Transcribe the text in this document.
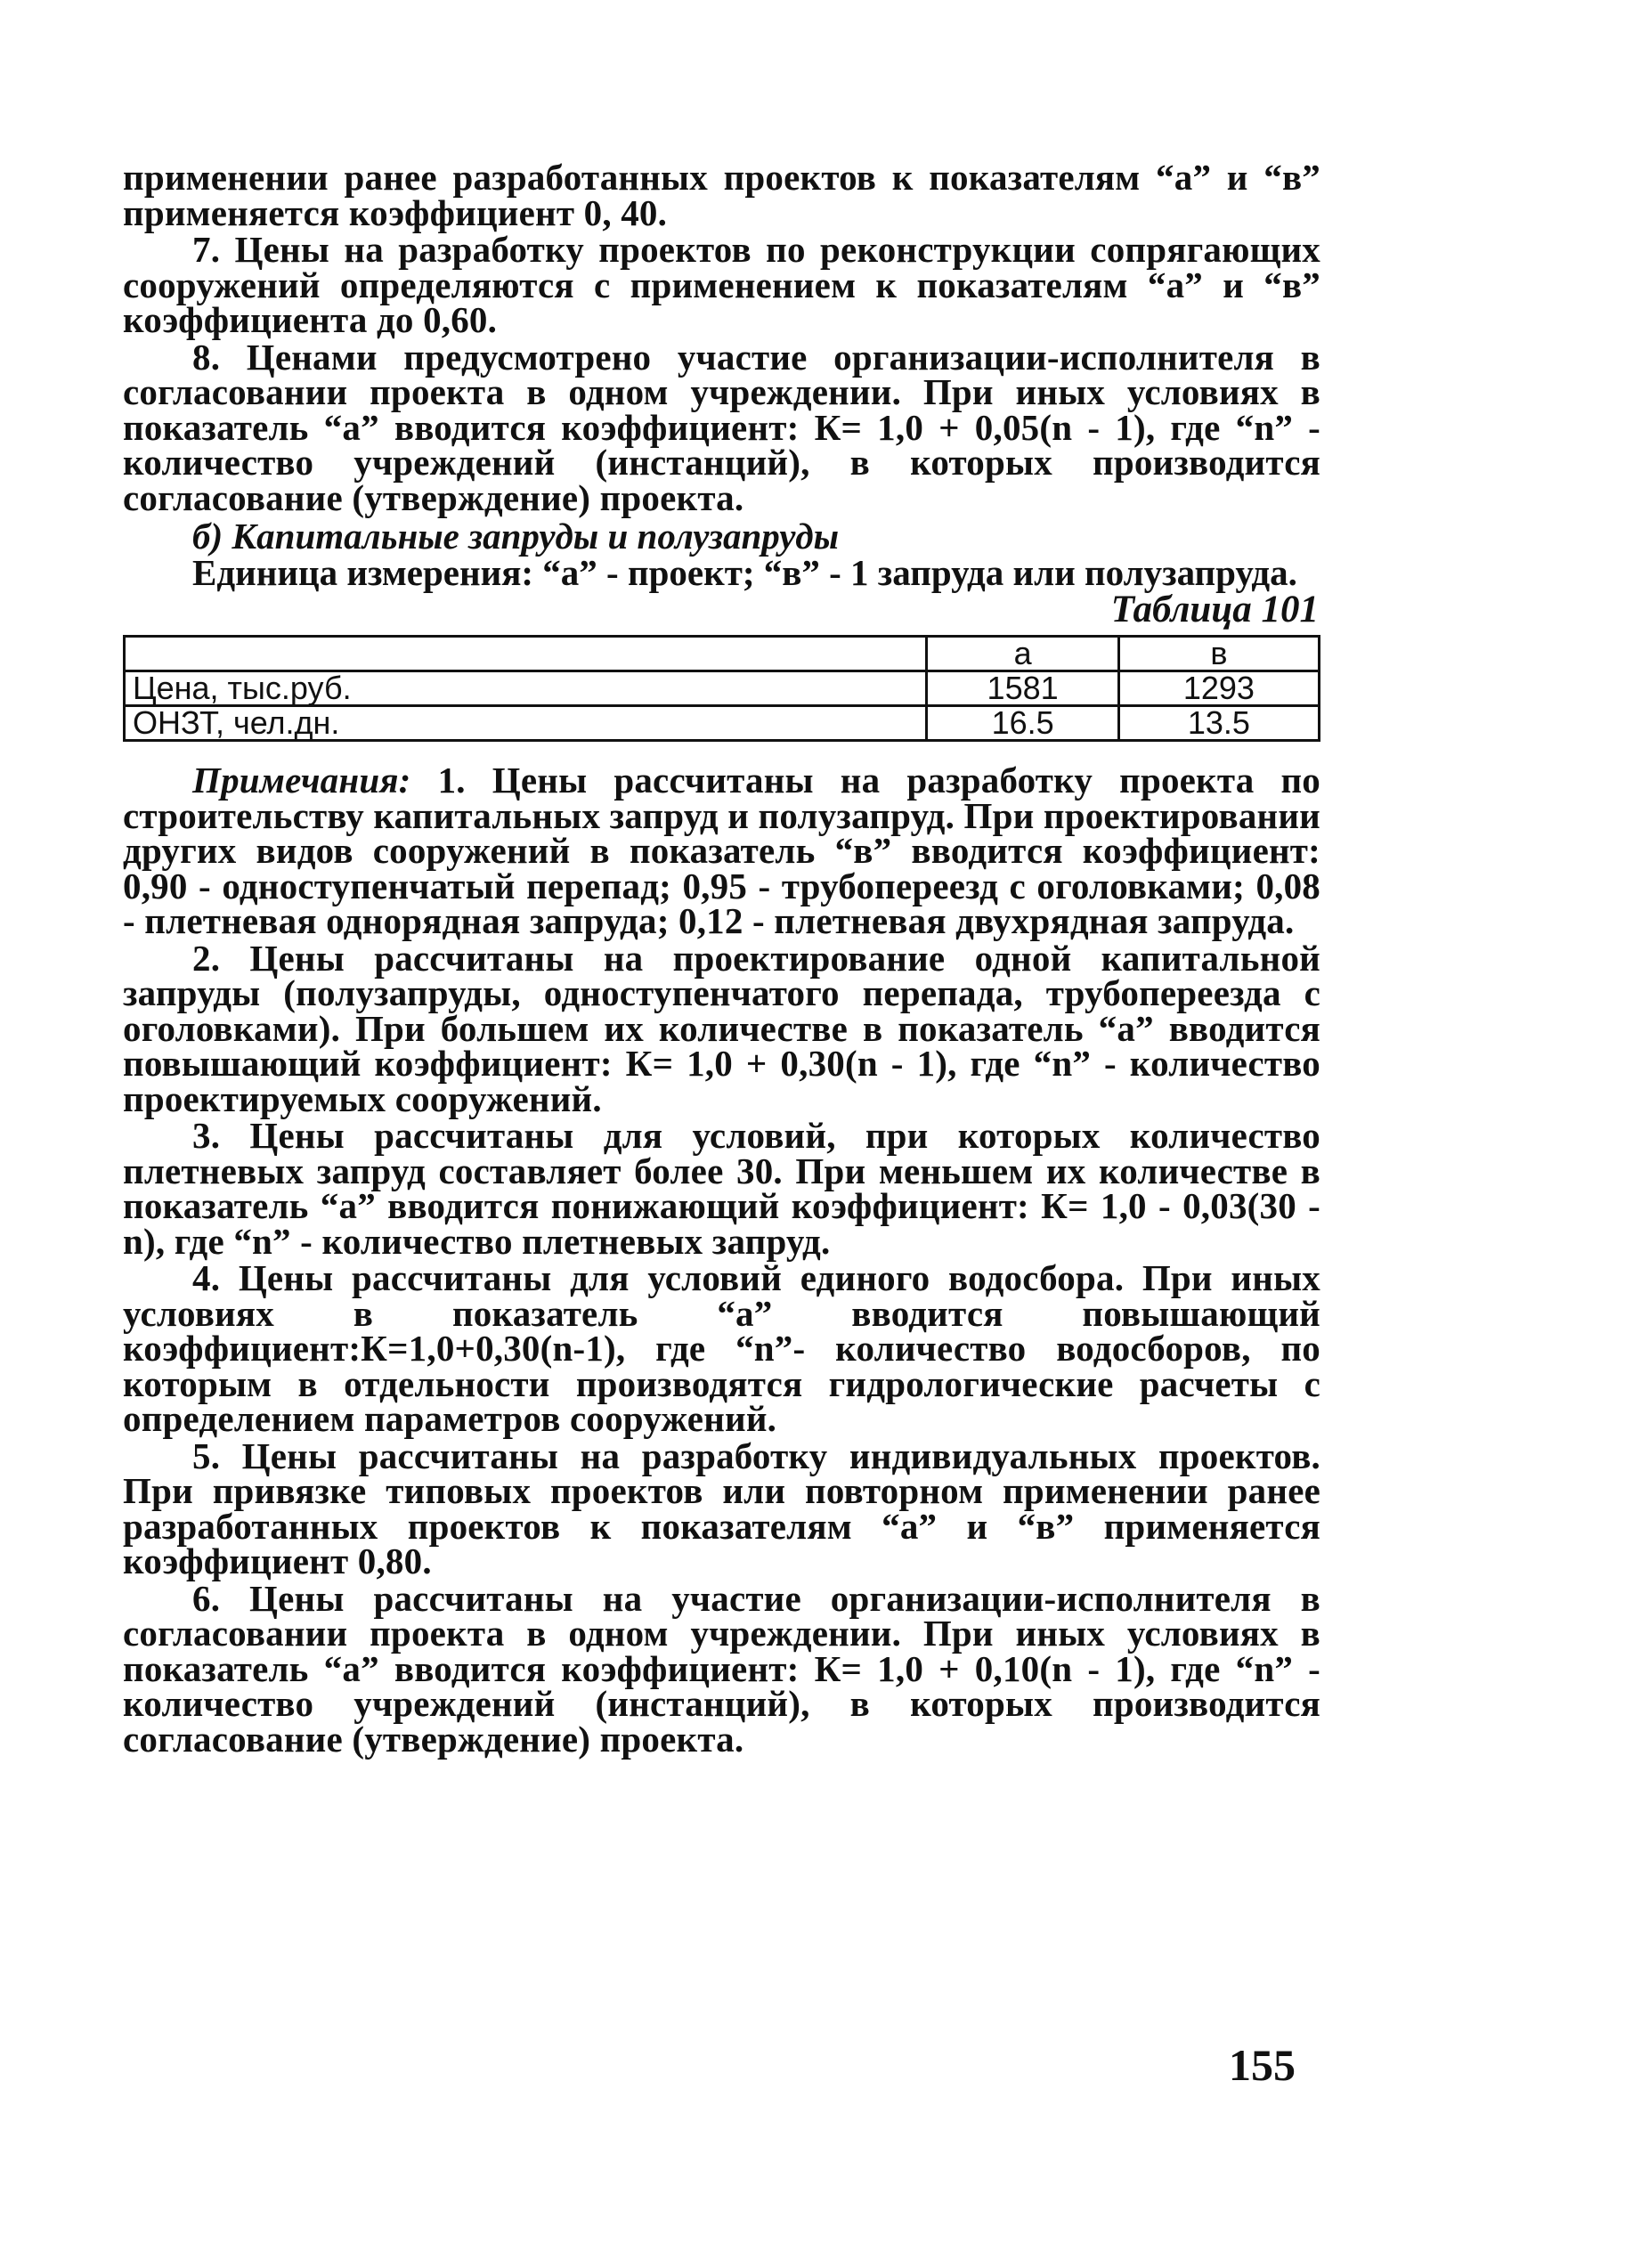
применении ранее разработанных проектов к показателям “а” и “в” применяется коэффициент 0, 40.

7. Цены на разработку проектов по реконструкции сопрягающих сооружений определяются с применением к показателям “а” и “в” коэффициента до 0,60.

8. Ценами предусмотрено участие организации-исполнителя в согласовании проекта в одном учреждении. При иных условиях в показатель “а” вводится коэффициент: К= 1,0 + 0,05(n - 1), где “n” - количество учреждений (инстанций), в которых производится согласование (утверждение) проекта.

б) Капитальные запруды и полузапруды

Единица измерения: “а” - проект; “в” - 1 запруда или полузапруда.

Таблица 101

	а	в
Цена, тыс.руб.	1581	1293
ОНЗТ, чел.дн.	16.5	13.5

Примечания: 1. Цены рассчитаны на разработку проекта по строительству капитальных запруд и полузапруд. При проектировании других видов сооружений в показатель “в” вводится коэффициент: 0,90 - одноступенчатый перепад; 0,95 - трубопереезд с оголовками; 0,08 - плетневая однорядная запруда; 0,12 - плетневая двухрядная запруда.

2. Цены рассчитаны на проектирование одной капитальной запруды (полузапруды, одноступенчатого перепада, трубопереезда с оголовками). При большем их количестве в показатель “а” вводится повышающий коэффициент: К= 1,0 + 0,30(n - 1), где “n” - количество проектируемых сооружений.

3. Цены рассчитаны для условий, при которых количество плетневых запруд составляет более 30. При меньшем их количестве в показатель “а” вводится понижающий коэффициент: К= 1,0 - 0,03(30 - n), где “n” - количество плетневых запруд.

4. Цены рассчитаны для условий единого водосбора. При иных условиях в показатель “а” вводится повышающий коэффициент:К=1,0+0,30(n-1), где “n”- количество водосборов, по которым в отдельности производятся гидрологические расчеты с определением параметров сооружений.

5. Цены рассчитаны на разработку индивидуальных проектов. При привязке типовых проектов или повторном применении ранее разработанных проектов к показателям “а” и “в” применяется коэффициент 0,80.

6. Цены рассчитаны на участие организации-исполнителя в согласовании проекта в одном учреждении. При иных условиях в показатель “а” вводится коэффициент: К= 1,0 + 0,10(n - 1), где “n” - количество учреждений (инстанций), в которых производится согласование (утверждение) проекта.

155
